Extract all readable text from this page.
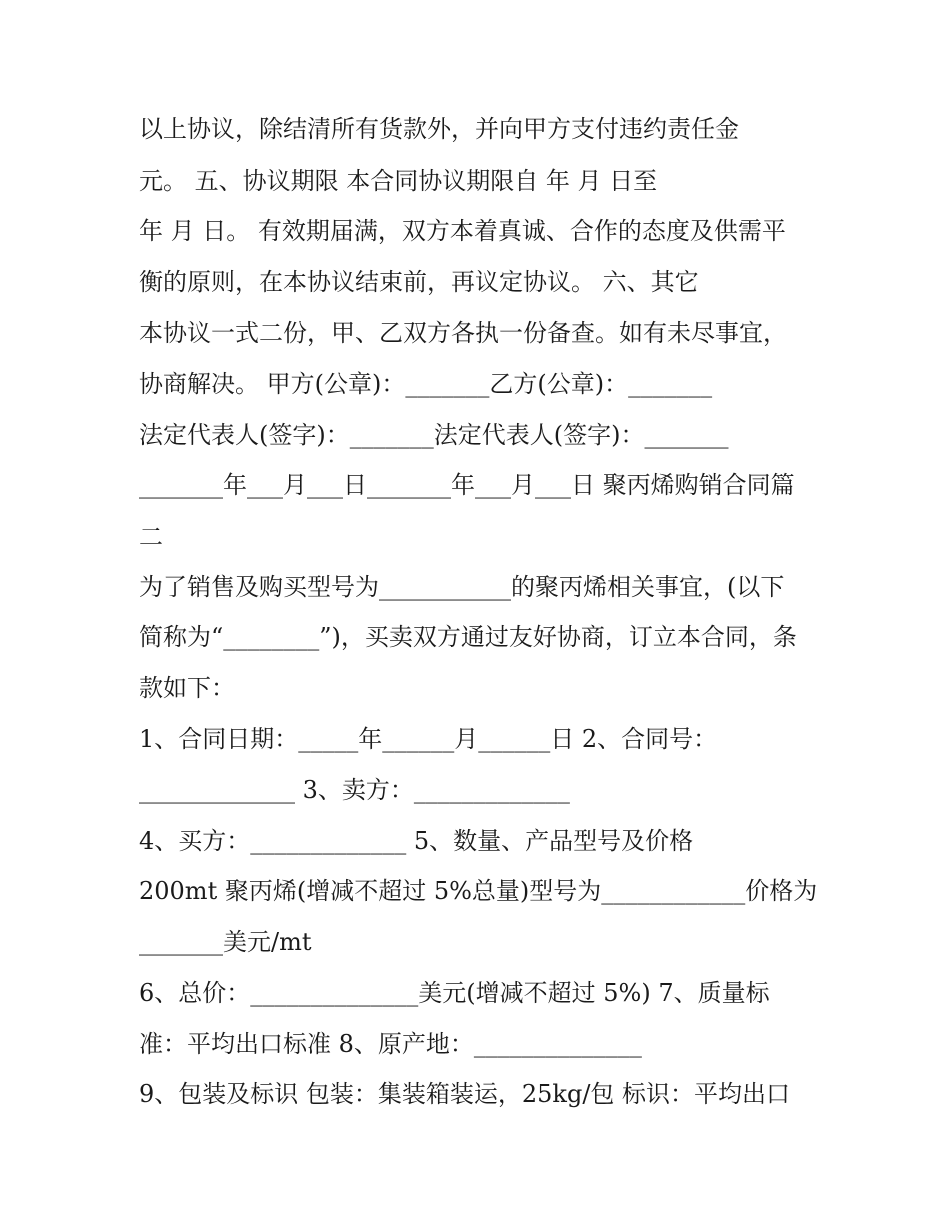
以上协议，除结清所有货款外，并向甲方支付违约责任金
元。 五、协议期限 本合同协议期限自 年 月 日至
年 月 日。 有效期届满，双方本着真诚、合作的态度及供需平
衡的原则，在本协议结束前，再议定协议。 六、其它
本协议一式二份，甲、乙双方各执一份备查。如有未尽事宜，
协商解决。 甲方(公章)：_______乙方(公章)：_______
法定代表人(签字)：_______法定代表人(签字)：_______
_______年___月___日_______年___月___日 聚丙烯购销合同篇
二
为了销售及购买型号为___________的聚丙烯相关事宜，(以下
简称为“________”)，买卖双方通过友好协商，订立本合同，条
款如下：
1、合同日期：_____年______月______日 2、合同号：
_____________ 3、卖方：_____________
4、买方：_____________ 5、数量、产品型号及价格
200mt 聚丙烯(增减不超过 5%总量)型号为____________价格为
_______美元/mt
6、总价：______________美元(增减不超过 5%) 7、质量标
准：平均出口标准 8、原产地：______________
9、包装及标识 包装：集装箱装运，25kg/包 标识：平均出口
